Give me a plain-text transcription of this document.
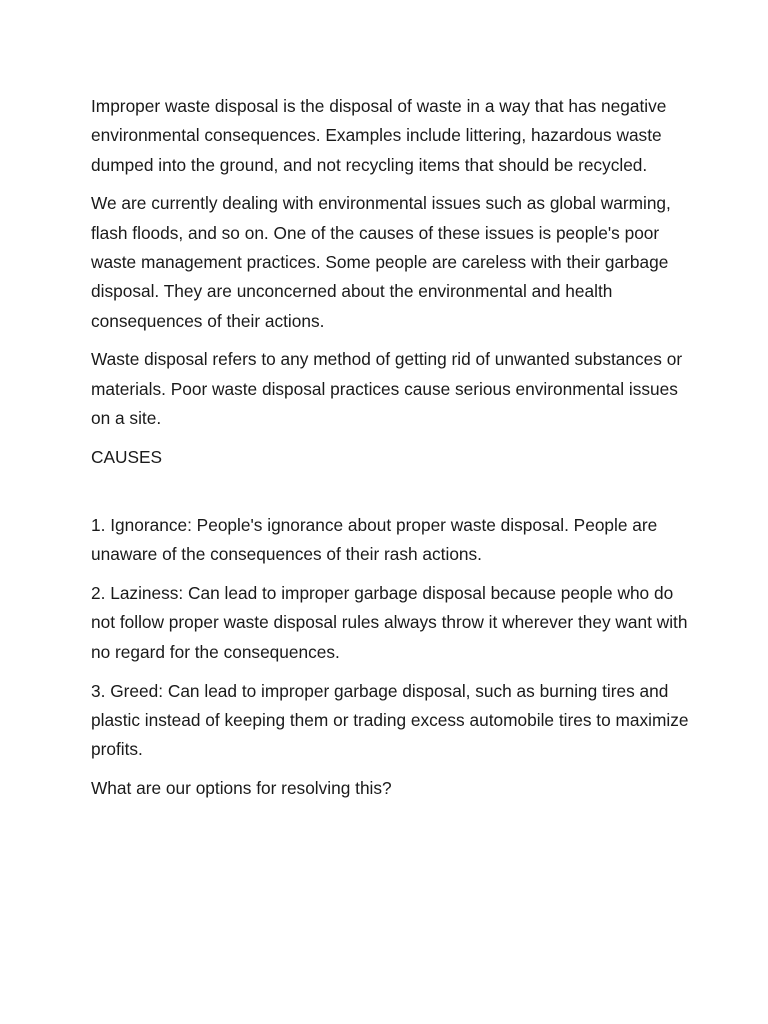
Improper waste disposal is the disposal of waste in a way that has negative environmental consequences. Examples include littering, hazardous waste dumped into the ground, and not recycling items that should be recycled.

We are currently dealing with environmental issues such as global warming, flash floods, and so on. One of the causes of these issues is people's poor waste management practices. Some people are careless with their garbage disposal. They are unconcerned about the environmental and health consequences of their actions.

Waste disposal refers to any method of getting rid of unwanted substances or materials. Poor waste disposal practices cause serious environmental issues on a site.

CAUSES

1. Ignorance: People's ignorance about proper waste disposal. People are unaware of the consequences of their rash actions.

2. Laziness: Can lead to improper garbage disposal because people who do not follow proper waste disposal rules always throw it wherever they want with no regard for the consequences.

3. Greed: Can lead to improper garbage disposal, such as burning tires and plastic instead of keeping them or trading excess automobile tires to maximize profits.

What are our options for resolving this?
